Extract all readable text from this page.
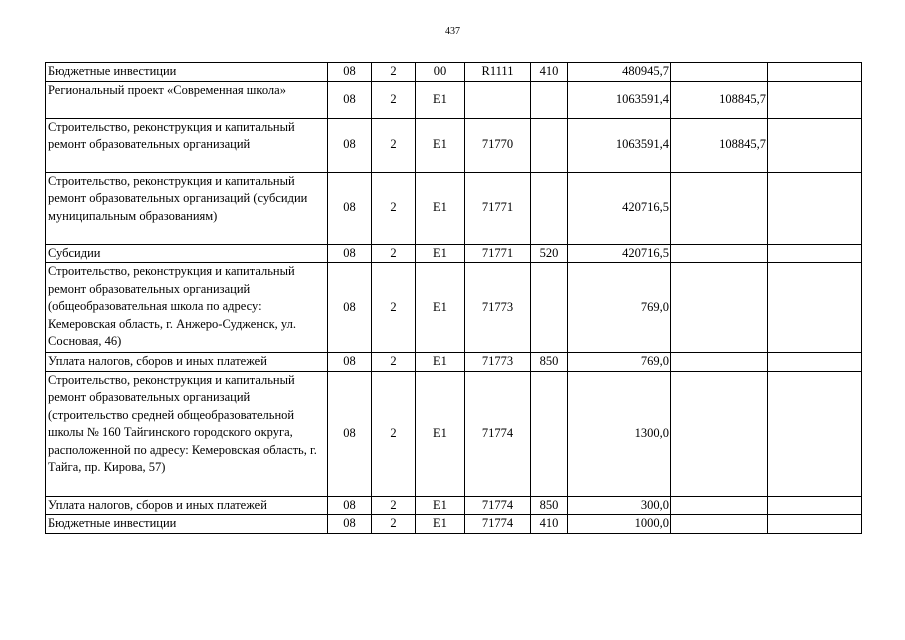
437
Бюджетные инвестиции	08	2	00	R1111	410	480945,7		
Региональный проект «Современная школа»	08	2	E1			1063591,4	108845,7	
Строительство, реконструкция и капитальный ремонт образовательных организаций	08	2	E1	71770		1063591,4	108845,7	
Строительство, реконструкция и капитальный ремонт образовательных организаций (субсидии муниципальным образованиям)	08	2	E1	71771		420716,5		
Субсидии	08	2	E1	71771	520	420716,5		
Строительство, реконструкция и капитальный ремонт образовательных организаций (общеобразовательная школа по адресу: Кемеровская область, г. Анжеро-Судженск, ул. Сосновая, 46)	08	2	E1	71773		769,0		
Уплата налогов, сборов и иных платежей	08	2	E1	71773	850	769,0		
Строительство, реконструкция и капитальный ремонт образовательных организаций (строительство средней общеобразовательной школы № 160 Тайгинского городского округа, расположенной по адресу: Кемеровская область, г. Тайга, пр. Кирова, 57)	08	2	E1	71774		1300,0		
Уплата налогов, сборов и иных платежей	08	2	E1	71774	850	300,0		
Бюджетные инвестиции	08	2	E1	71774	410	1000,0		
